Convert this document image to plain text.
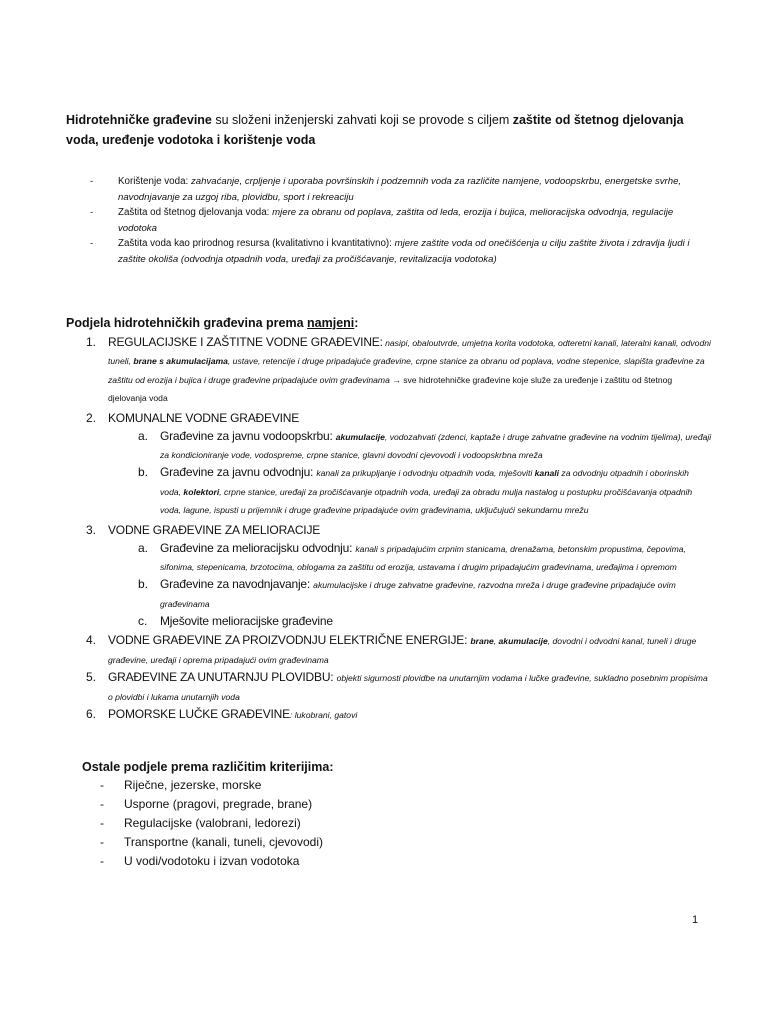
Hidrotehničke građevine su složeni inženjerski zahvati koji se provode s ciljem zaštite od štetnog djelovanja voda, uređenje vodotoka i korištenje voda
-	Korištenje voda: zahvaćanje, crpljenje i uporaba površinskih i podzemnih voda za različite namjene, vodoopskrbu, energetske svrhe, navodnjavanje za uzgoj riba, plovidbu, sport i rekreaciju
-	Zaštita od štetnog djelovanja voda: mjere za obranu od poplava, zaštita od leda, erozija i bujica, melioracijska odvodnja, regulacije vodotoka
-	Zaštita voda kao prirodnog resursa (kvalitativno i kvantitativno): mjere zaštite voda od onečišćenja u cilju zaštite života i zdravlja ljudi i zaštite okoliša (odvodnja otpadnih voda, uređaji za pročišćavanje, revitalizacija vodotoka)
Podjela hidrotehničkih građevina prema namjeni:
1. REGULACIJSKE I ZAŠTITNE VODNE GRAĐEVINE: nasipi, obaloutvrde, umjetna korita vodotoka, odteretni kanali, lateralni kanali, odvodni tuneli, brane s akumulacijama, ustave, retencije i druge pripadajuće građevine, crpne stanice za obranu od poplava, vodne stepenice, slapišta građevine za zaštitu od erozija i bujica i druge građevine pripadajuće ovim građevinama → sve hidrotehničke građevine koje služe za uređenje i zaštitu od štetnog djelovanja voda
2. KOMUNALNE VODNE GRAĐEVINE
a. Građevine za javnu vodoopskrbu: akumulacije, vodozahvati (zdenci, kaptaže i druge zahvatne građevine na vodnim tijelima), uređaji za kondicioniranje vode, vodospreme, crpne stanice, glavni dovodni cjevovodi i vodoopskrbna mreža
b. Građevine za javnu odvodnju: kanali za prikupljanje i odvodnju otpadnih voda, mješoviti kanali za odvodnju otpadnih i oborinskih voda, kolektori, crpne stanice, uređaji za pročišćavanje otpadnih voda, uređaji za obradu mulja nastalog u postupku pročišćavanja otpadnih voda, lagune, ispusti u prijemnik i druge građevine pripadajuće ovim građevinama, uključujući sekundarnu mrežu
3. VODNE GRAĐEVINE ZA MELIORACIJE
a. Građevine za melioracijsku odvodnju: kanali s pripadajućim crpnim stanicama, drenažama, betonskim propustima, čepovima, sifonima, stepenicama, brzotocima, oblogama za zaštitu od erozija, ustavama i drugim pripadajućim građevinama, uređajima i opremom
b. Građevine za navodnjavanje: akumulacijske i druge zahvatne građevine, razvodna mreža i druge građevine pripadajuće ovim građevinama
c. Mješovite melioracijske građevine
4. VODNE GRAĐEVINE ZA PROIZVODNJU ELEKTRIČNE ENERGIJE: brane, akumulacije, dovodni i odvodni kanal, tuneli i druge građevine, uređaji i oprema pripadajući ovim građevinama
5. GRAĐEVINE ZA UNUTARNJU PLOVIDBU: objekti sigurnosti plovidbe na unutarnjim vodama i lučke građevine, sukladno posebnim propisima o plovidbi i lukama unutarnjih voda
6. POMORSKE LUČKE GRAĐEVINE: lukobrani, gatovi
Ostale podjele prema različitim kriterijima:
- Riječne, jezerske, morske
- Usporne (pragovi, pregrade, brane)
- Regulacijske (valobrani, ledorezi)
- Transportne (kanali, tuneli, cjevovodi)
- U vodi/vodotoku i izvan vodotoka
1
